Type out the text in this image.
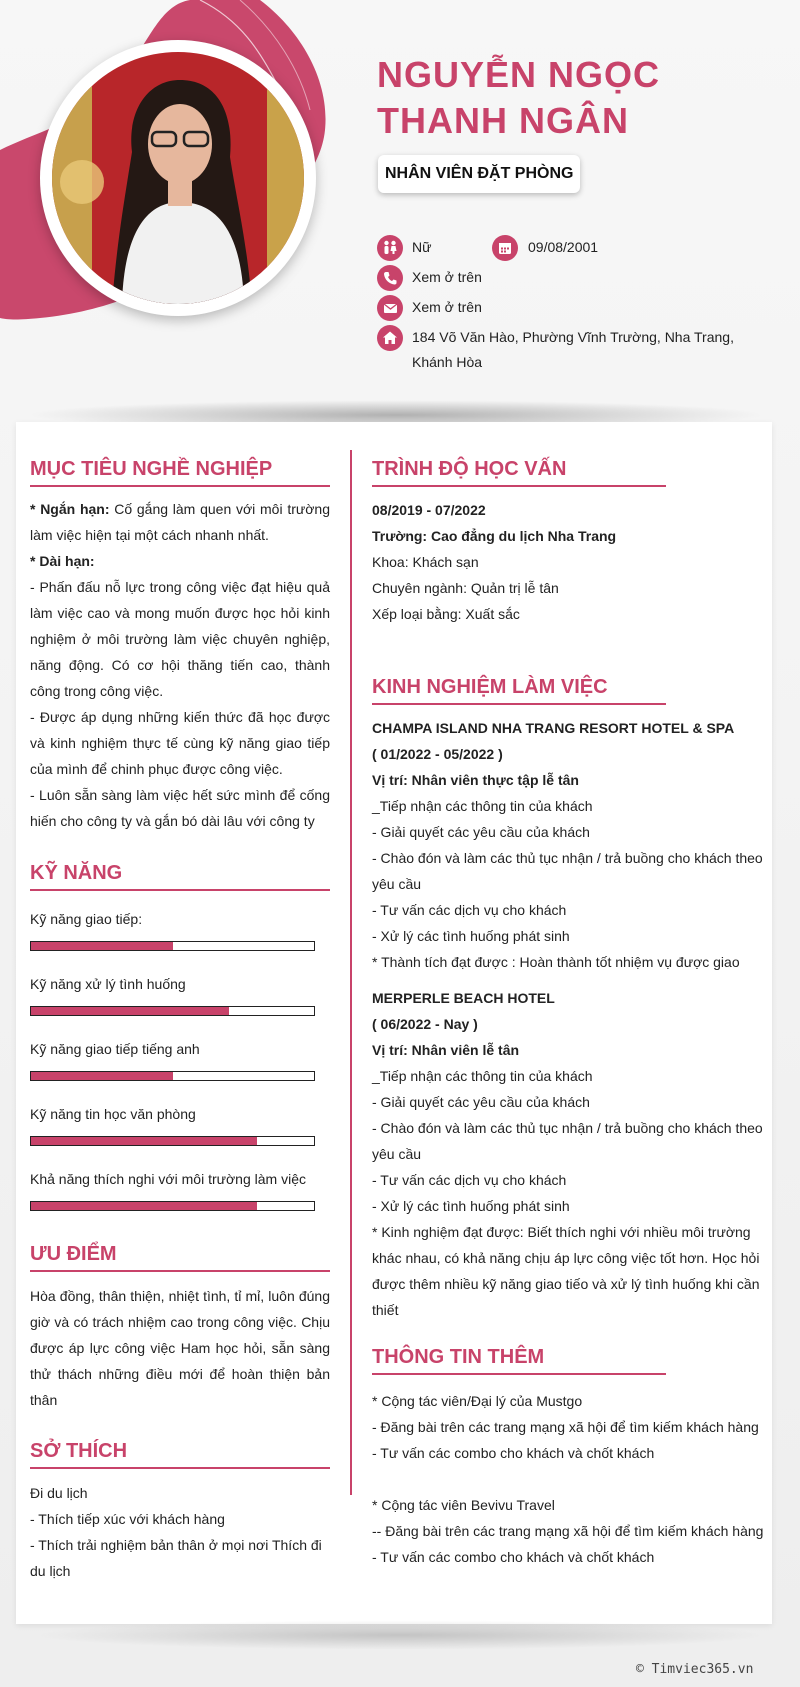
NGUYỄN NGỌC THANH NGÂN
NHÂN VIÊN ĐẶT PHÒNG
Nữ	09/08/2001
Xem ở trên
Xem ở trên
184 Võ Văn Hào, Phường Vĩnh Trường, Nha Trang, Khánh Hòa
MỤC TIÊU NGHỀ NGHIỆP
* Ngắn hạn: Cố gắng làm quen với môi trường làm việc hiện tại một cách nhanh nhất.
* Dài hạn:
- Phấn đấu nỗ lực trong công việc đạt hiệu quả làm việc cao và mong muốn được học hỏi kinh nghiệm ở môi trường làm việc chuyên nghiệp, năng động. Có cơ hội thăng tiến cao, thành công trong công việc.
- Được áp dụng những kiến thức đã học được và kinh nghiệm thực tế cùng kỹ năng giao tiếp của mình để chinh phục được công việc.
- Luôn sẵn sàng làm việc hết sức mình để cống hiến cho công ty và gắn bó dài lâu với công ty
KỸ NĂNG
Kỹ năng giao tiếp:
Kỹ năng xử lý tình huống
Kỹ năng giao tiếp tiếng anh
Kỹ năng tin học văn phòng
Khả năng thích nghi với môi trường làm việc
ƯU ĐIỂM
Hòa đồng, thân thiện, nhiệt tình, tỉ mỉ, luôn đúng giờ và có trách nhiệm cao trong công việc. Chịu được áp lực công việc Ham học hỏi, sẵn sàng thử thách những điều mới để hoàn thiện bản thân
SỞ THÍCH
Đi du lịch
- Thích tiếp xúc với khách hàng
- Thích trải nghiệm bản thân ở mọi nơi Thích đi du lịch
TRÌNH ĐỘ HỌC VẤN
08/2019 - 07/2022
Trường: Cao đẳng du lịch Nha Trang
Khoa: Khách sạn
Chuyên ngành: Quản trị lễ tân
Xếp loại bằng: Xuất sắc
KINH NGHIỆM LÀM VIỆC
CHAMPA ISLAND NHA TRANG RESORT HOTEL & SPA
( 01/2022 - 05/2022 )
Vị trí: Nhân viên thực tập lễ tân
_Tiếp nhận các thông tin của khách
- Giải quyết các yêu cầu của khách
- Chào đón và làm các thủ tục nhận / trả buồng cho khách theo yêu cầu
- Tư vấn các dịch vụ cho khách
- Xử lý các tình huống phát sinh
* Thành tích đạt được : Hoàn thành tốt nhiệm vụ được giao
MERPERLE BEACH HOTEL
( 06/2022 - Nay )
Vị trí: Nhân viên lễ tân
_Tiếp nhận các thông tin của khách
- Giải quyết các yêu cầu của khách
- Chào đón và làm các thủ tục nhận / trả buồng cho khách theo yêu cầu
- Tư vấn các dịch vụ cho khách
- Xử lý các tình huống phát sinh
* Kinh nghiệm đạt được: Biết thích nghi với nhiều môi trường khác nhau, có khả năng chịu áp lực công việc tốt hơn. Học hỏi được thêm nhiều kỹ năng giao tiếo và xử lý tình huống khi cần thiết
THÔNG TIN THÊM
* Cộng tác viên/Đại lý của Mustgo
- Đăng bài trên các trang mạng xã hội để tìm kiếm khách hàng
- Tư vấn các combo cho khách và chốt khách
* Cộng tác viên Bevivu Travel
-- Đăng bài trên các trang mạng xã hội để tìm kiếm khách hàng
- Tư vấn các combo cho khách và chốt khách
© Timviec365.vn
